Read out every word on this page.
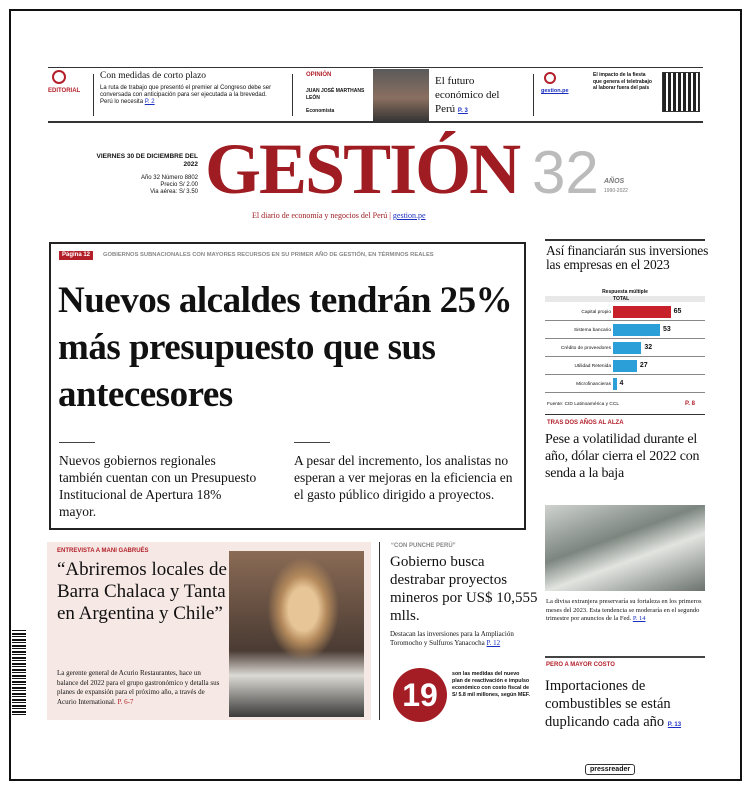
EDITORIAL
Con medidas de corto plazo
La ruta de trabajo que presentó el premier al Congreso debe ser conversada con anticipación para ser ejecutada a la brevedad. Perú lo necesita P. 2
OPINIÓN
JUAN JOSÉ MARTHANS LEÓN
Economista
El futuro económico del Perú P. 3
gestion.pe
El impacto de la fiesta que genera el teletrabajo al laborar fuera del país
VIERNES 30 DE DICIEMBRE DEL 2022
Año 32 Número 8802
Precio S/ 2.00
Via aérea: S/ 3.50 GESTIÓN 32 AÑOS
1990-2022
El diario de economía y negocios del Perú | gestion.pe
Página 12	GOBIERNOS SUBNACIONALES CON MAYORES RECURSOS EN SU PRIMER AÑO DE GESTIÓN, EN TÉRMINOS REALES
Nuevos alcaldes tendrán 25% más presupuesto que sus antecesores
Nuevos gobiernos regionales también cuentan con un Presupuesto Institucional de Apertura 18% mayor.
A pesar del incremento, los analistas no esperan a ver mejoras en la eficiencia en el gasto público dirigido a proyectos.
Así financiarán sus inversiones las empresas en el 2023
Respuesta múltiple
TOTAL
Capital propio	65
Sistema bancario	53
Crédito de proveedores	32
Utilidad Retenida	27
Microfinancieras 4
Fuente: CID Latinoamérica y CCL	P. 8
TRAS DOS AÑOS AL ALZA
Pese a volatilidad durante el año, dólar cierra el 2022 con senda a la baja
La divisa extranjera preservaría su fortaleza en los primeros meses del 2023. Esta tendencia se moderaría en el segundo trimestre por anuncios de la Fed. P. 14
PERO A MAYOR COSTO
Importaciones de combustibles se están duplicando cada año P. 13
ENTREVISTA A MANI GABRUÉS
“Abriremos locales de Barra Chalaca y Tanta en Argentina y Chile”
La gerente general de Acurio Restaurantes, hace un balance del 2022 para el grupo gastronómico y detalla sus planes de expansión para el próximo año, a través de Acurio International. P. 6-7
“CON PUNCHE PERÚ”
Gobierno busca destrabar proyectos mineros por US$ 10,555 mlls.
Destacan las inversiones para la Ampliación Toromocho y Sulfuros Yanacocha P. 12
19
son las medidas del nuevo plan de reactivación e impulso económico con costo fiscal de S/ 5.8 mil millones, según MEF.
pressreader
